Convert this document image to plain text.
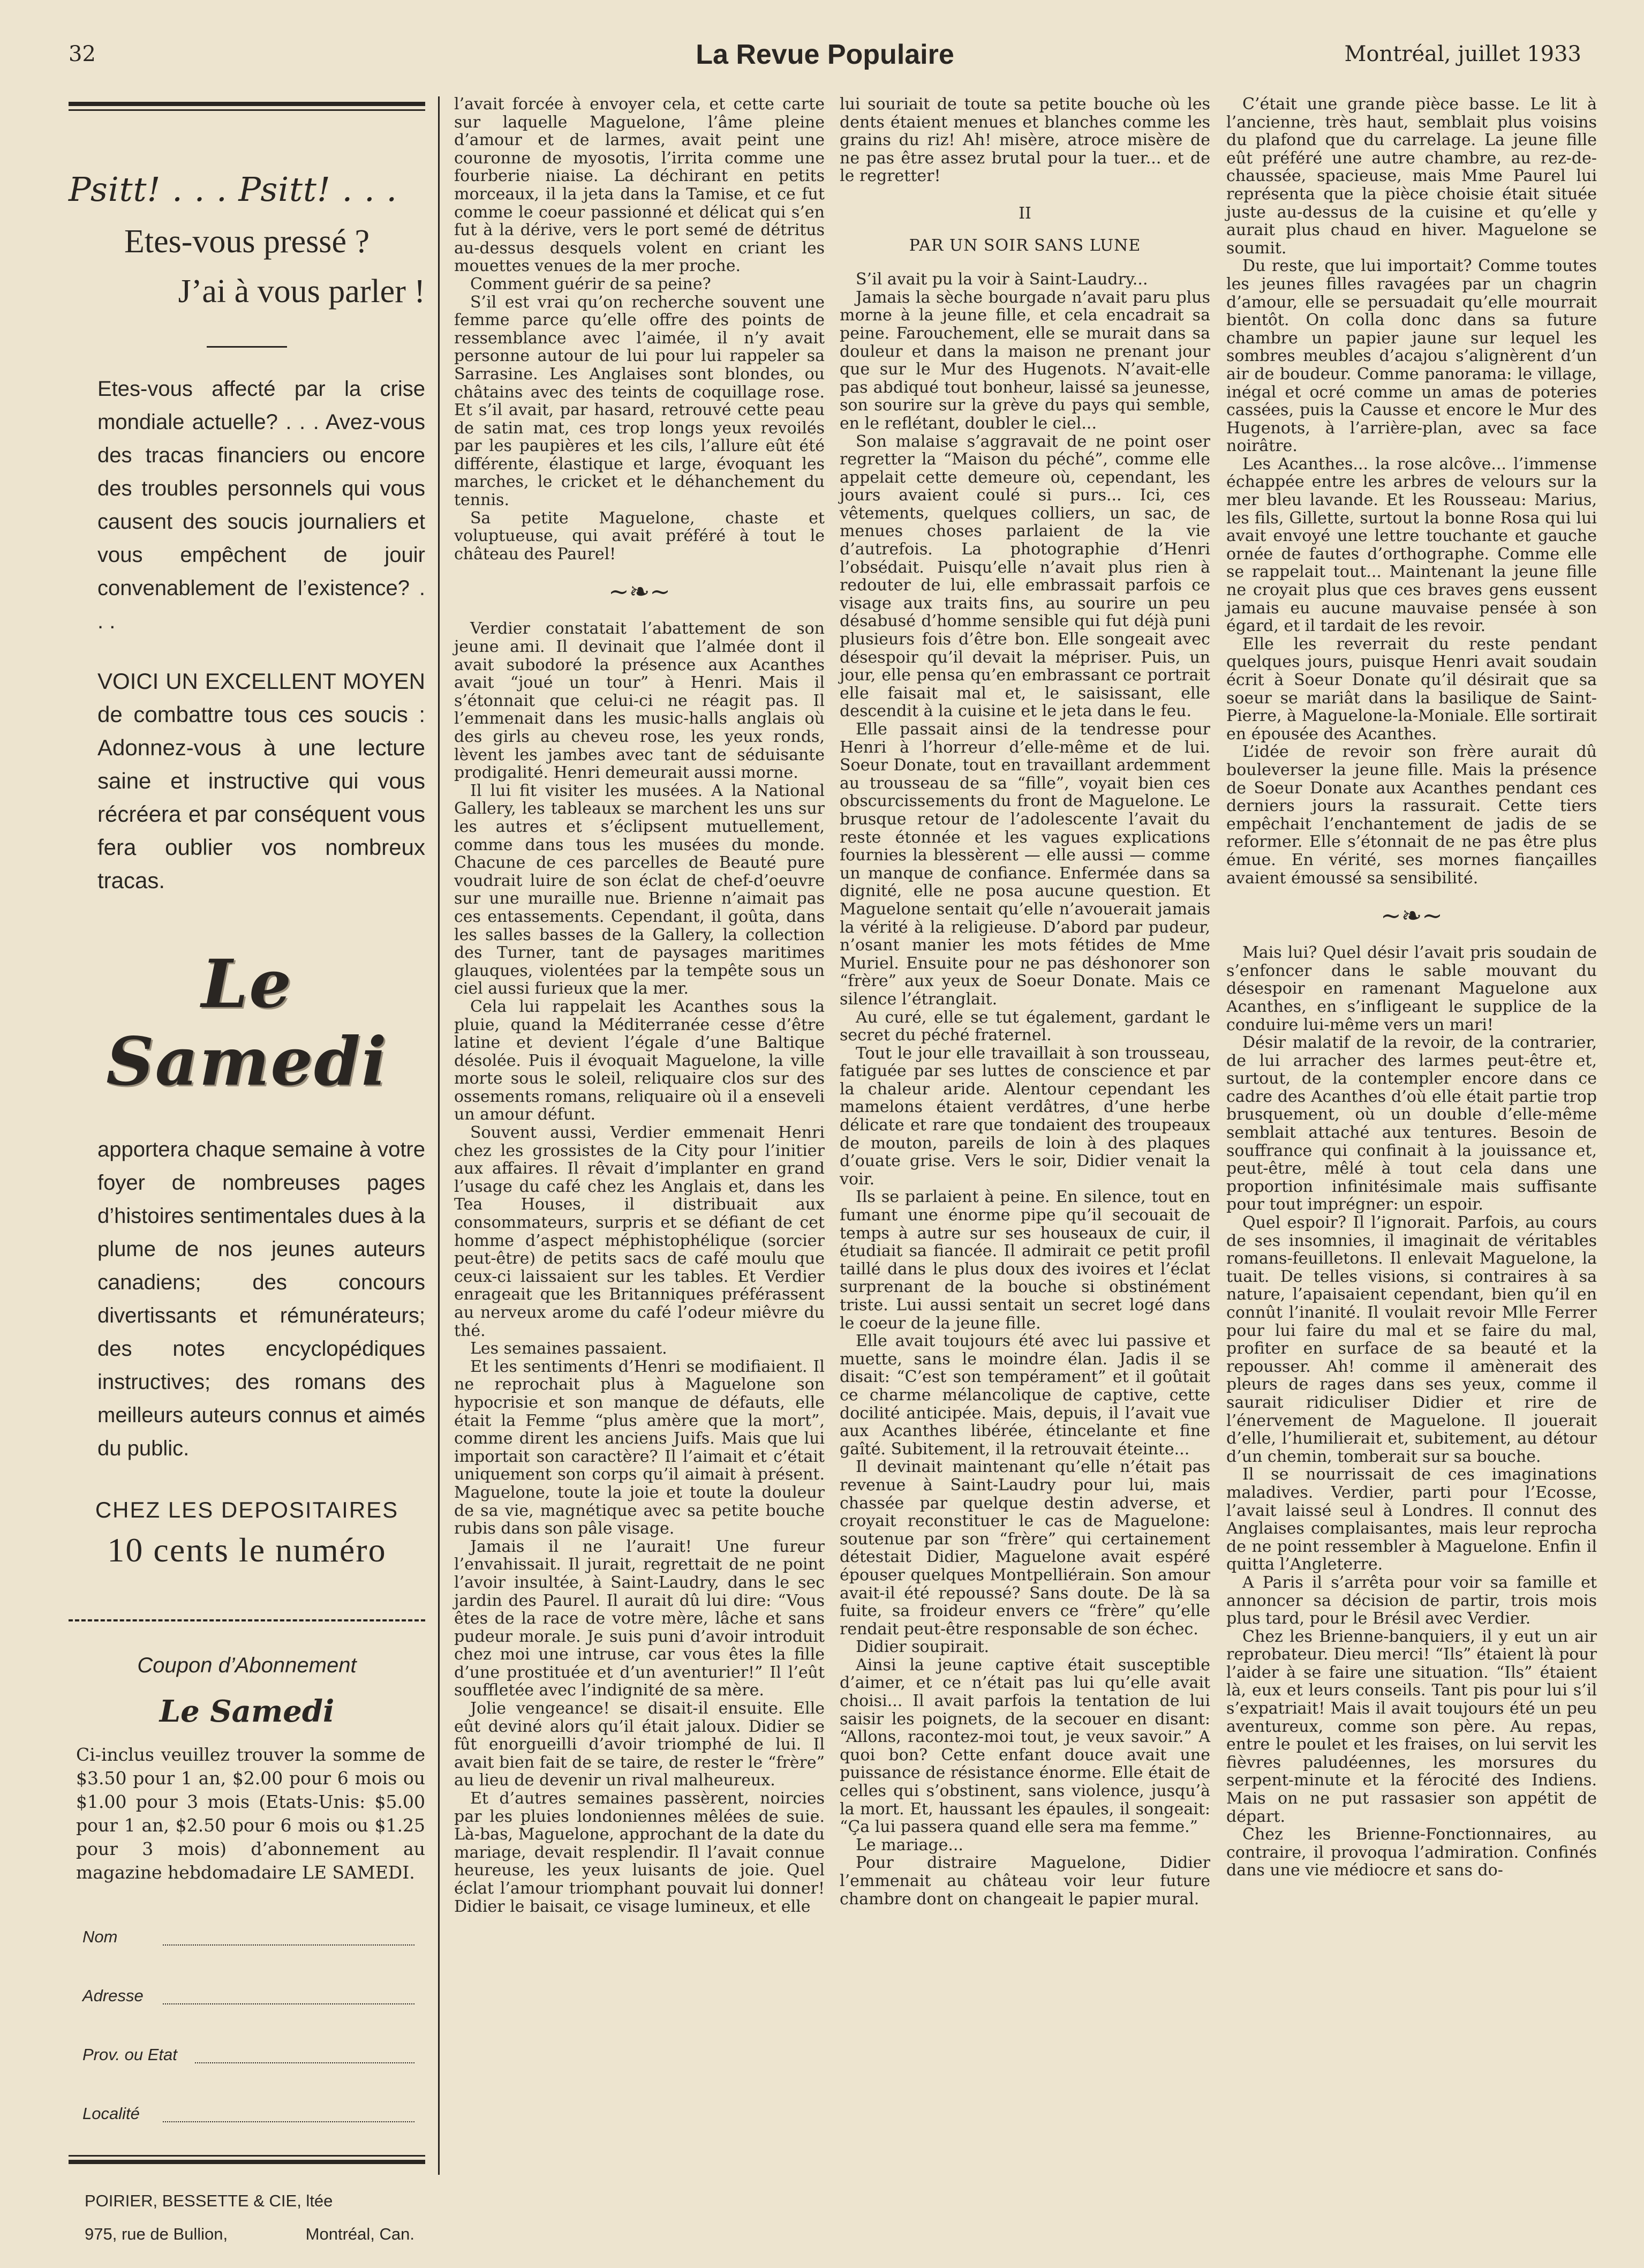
32	La Revue Populaire	Montréal, juillet 1933
Psitt! . . . Psitt! . . .
Etes-vous pressé ?
J’ai à vous parler !
Etes-vous affecté par la crise mondiale actuelle? . . . Avez-vous des tracas financiers ou encore des troubles personnels qui vous causent des soucis journaliers et vous empêchent de jouir convenablement de l’existence? . . .
VOICI UN EXCELLENT MOYEN de combattre tous ces soucis : Adonnez-vous à une lecture saine et instructive qui vous récréera et par conséquent vous fera oublier vos nombreux tracas.
Le Samedi
apportera chaque semaine à votre foyer de nombreuses pages d’histoires sentimentales dues à la plume de nos jeunes auteurs canadiens; des concours divertissants et rémunérateurs; des notes encyclopédiques instructives; des romans des meilleurs auteurs connus et aimés du public.
CHEZ LES DEPOSITAIRES
10 cents le numéro
Coupon d’Abonnement
Le Samedi
Ci-inclus veuillez trouver la somme de $3.50 pour 1 an, $2.00 pour 6 mois ou $1.00 pour 3 mois (Etats-Unis: $5.00 pour 1 an, $2.50 pour 6 mois ou $1.25 pour 3 mois) d’abonnement au magazine hebdomadaire LE SAMEDI.
Nom
Adresse
Prov. ou Etat
Localité
POIRIER, BESSETTE & CIE, ltée
975, rue de Bullion,	Montréal, Can.

l’avait forcée à envoyer cela, et cette carte sur laquelle Maguelone, l’âme pleine d’amour et de larmes, avait peint une couronne de myosotis, l’irrita comme une fourberie niaise. La déchirant en petits morceaux, il la jeta dans la Tamise, et ce fut comme le coeur passionné et délicat qui s’en fut à la dérive, vers le port semé de détritus au-dessus desquels volent en criant les mouettes venues de la mer proche.

Comment guérir de sa peine?

S’il est vrai qu’on recherche souvent une femme parce qu’elle offre des points de ressemblance avec l’aimée, il n’y avait personne autour de lui pour lui rappeler sa Sarrasine. Les Anglaises sont blondes, ou châtains avec des teints de coquillage rose. Et s’il avait, par hasard, retrouvé cette peau de satin mat, ces trop longs yeux revoilés par les paupières et les cils, l’allure eût été différente, élastique et large, évoquant les marches, le cricket et le déhanchement du tennis.

Sa petite Maguelone, chaste et voluptueuse, qui avait préféré à tout le château des Paurel!

~❧~

Verdier constatait l’abattement de son jeune ami. Il devinait que l’almée dont il avait subodoré la présence aux Acanthes avait “joué un tour” à Henri. Mais il s’étonnait que celui-ci ne réagit pas. Il l’emmenait dans les music-halls anglais où des girls au cheveu rose, les yeux ronds, lèvent les jambes avec tant de séduisante prodigalité. Henri demeurait aussi morne.

Il lui fit visiter les musées. A la National Gallery, les tableaux se marchent les uns sur les autres et s’éclipsent mutuellement, comme dans tous les musées du monde. Chacune de ces parcelles de Beauté pure voudrait luire de son éclat de chef-d’oeuvre sur une muraille nue. Brienne n’aimait pas ces entassements. Cependant, il goûta, dans les salles basses de la Gallery, la collection des Turner, tant de paysages maritimes glauques, violentées par la tempête sous un ciel aussi furieux que la mer.

Cela lui rappelait les Acanthes sous la pluie, quand la Méditerranée cesse d’être latine et devient l’égale d’une Baltique désolée. Puis il évoquait Maguelone, la ville morte sous le soleil, reliquaire clos sur des ossements romans, reliquaire où il a enseveli un amour défunt.

Souvent aussi, Verdier emmenait Henri chez les grossistes de la City pour l’initier aux affaires. Il rêvait d’implanter en grand l’usage du café chez les Anglais et, dans les Tea Houses, il distribuait aux consommateurs, surpris et se défiant de cet homme d’aspect méphistophélique (sorcier peut-être) de petits sacs de café moulu que ceux-ci laissaient sur les tables. Et Verdier enrageait que les Britanniques préférassent au nerveux arome du café l’odeur miêvre du thé.

Les semaines passaient.

Et les sentiments d’Henri se modifiaient. Il ne reprochait plus à Maguelone son hypocrisie et son manque de défauts, elle était la Femme “plus amère que la mort”, comme dirent les anciens Juifs. Mais que lui importait son caractère? Il l’aimait et c’était uniquement son corps qu’il aimait à présent. Maguelone, toute la joie et toute la douleur de sa vie, magnétique avec sa petite bouche rubis dans son pâle visage.

Jamais il ne l’aurait! Une fureur l’envahissait. Il jurait, regrettait de ne point l’avoir insultée, à Saint-Laudry, dans le sec jardin des Paurel. Il aurait dû lui dire: “Vous êtes de la race de votre mère, lâche et sans pudeur morale. Je suis puni d’avoir introduit chez moi une intruse, car vous êtes la fille d’une prostituée et d’un aventurier!” Il l’eût souffletée avec l’indignité de sa mère.

Jolie vengeance! se disait-il ensuite. Elle eût deviné alors qu’il était jaloux. Didier se fût enorgueilli d’avoir triomphé de lui. Il avait bien fait de se taire, de rester le “frère” au lieu de devenir un rival malheureux.

Et d’autres semaines passèrent, noircies par les pluies londoniennes mêlées de suie. Là-bas, Maguelone, approchant de la date du mariage, devait resplendir. Il l’avait connue heureuse, les yeux luisants de joie. Quel éclat l’amour triomphant pouvait lui donner! Didier le baisait, ce visage lumineux, et elle

lui souriait de toute sa petite bouche où les dents étaient menues et blanches comme les grains du riz! Ah! misère, atroce misère de ne pas être assez brutal pour la tuer... et de le regretter!

II
PAR UN SOIR SANS LUNE

S’il avait pu la voir à Saint-Laudry...

Jamais la sèche bourgade n’avait paru plus morne à la jeune fille, et cela encadrait sa peine. Farouchement, elle se murait dans sa douleur et dans la maison ne prenant jour que sur le Mur des Hugenots. N’avait-elle pas abdiqué tout bonheur, laissé sa jeunesse, son sourire sur la grève du pays qui semble, en le reflétant, doubler le ciel...

Son malaise s’aggravait de ne point oser regretter la “Maison du péché”, comme elle appelait cette demeure où, cependant, les jours avaient coulé si purs... Ici, ces vêtements, quelques colliers, un sac, de menues choses parlaient de la vie d’autrefois. La photographie d’Henri l’obsédait. Puisqu’elle n’avait plus rien à redouter de lui, elle embrassait parfois ce visage aux traits fins, au sourire un peu désabusé d’homme sensible qui fut déjà puni plusieurs fois d’être bon. Elle songeait avec désespoir qu’il devait la mépriser. Puis, un jour, elle pensa qu’en embrassant ce portrait elle faisait mal et, le saisissant, elle descendit à la cuisine et le jeta dans le feu.

Elle passait ainsi de la tendresse pour Henri à l’horreur d’elle-même et de lui. Soeur Donate, tout en travaillant ardemment au trousseau de sa “fille”, voyait bien ces obscurcissements du front de Maguelone. Le brusque retour de l’adolescente l’avait du reste étonnée et les vagues explications fournies la blessèrent — elle aussi — comme un manque de confiance. Enfermée dans sa dignité, elle ne posa aucune question. Et Maguelone sentait qu’elle n’avouerait jamais la vérité à la religieuse. D’abord par pudeur, n’osant manier les mots fétides de Mme Muriel. Ensuite pour ne pas déshonorer son “frère” aux yeux de Soeur Donate. Mais ce silence l’étranglait.

Au curé, elle se tut également, gardant le secret du péché fraternel.

Tout le jour elle travaillait à son trousseau, fatiguée par ses luttes de conscience et par la chaleur aride. Alentour cependant les mamelons étaient verdâtres, d’une herbe délicate et rare que tondaient des troupeaux de mouton, pareils de loin à des plaques d’ouate grise. Vers le soir, Didier venait la voir.

Ils se parlaient à peine. En silence, tout en fumant une énorme pipe qu’il secouait de temps à autre sur ses houseaux de cuir, il étudiait sa fiancée. Il admirait ce petit profil taillé dans le plus doux des ivoires et l’éclat surprenant de la bouche si obstinément triste. Lui aussi sentait un secret logé dans le coeur de la jeune fille.

Elle avait toujours été avec lui passive et muette, sans le moindre élan. Jadis il se disait: “C’est son tempérament” et il goûtait ce charme mélancolique de captive, cette docilité anticipée. Mais, depuis, il l’avait vue aux Acanthes libérée, étincelante et fine gaîté. Subitement, il la retrouvait éteinte...

Il devinait maintenant qu’elle n’était pas revenue à Saint-Laudry pour lui, mais chassée par quelque destin adverse, et croyait reconstituer le cas de Maguelone: soutenue par son “frère” qui certainement détestait Didier, Maguelone avait espéré épouser quelques Montpelliérain. Son amour avait-il été repoussé? Sans doute. De là sa fuite, sa froideur envers ce “frère” qu’elle rendait peut-être responsable de son échec.

Didier soupirait.

Ainsi la jeune captive était susceptible d’aimer, et ce n’était pas lui qu’elle avait choisi... Il avait parfois la tentation de lui saisir les poignets, de la secouer en disant: “Allons, racontez-moi tout, je veux savoir.” A quoi bon? Cette enfant douce avait une puissance de résistance énorme. Elle était de celles qui s’obstinent, sans violence, jusqu’à la mort. Et, haussant les épaules, il songeait: “Ça lui passera quand elle sera ma femme.”

Le mariage...

Pour distraire Maguelone, Didier l’emmenait au château voir leur future chambre dont on changeait le papier mural.

C’était une grande pièce basse. Le lit à l’ancienne, très haut, semblait plus voisins du plafond que du carrelage. La jeune fille eût préféré une autre chambre, au rez-de-chaussée, spacieuse, mais Mme Paurel lui représenta que la pièce choisie était située juste au-dessus de la cuisine et qu’elle y aurait plus chaud en hiver. Maguelone se soumit.

Du reste, que lui importait? Comme toutes les jeunes filles ravagées par un chagrin d’amour, elle se persuadait qu’elle mourrait bientôt. On colla donc dans sa future chambre un papier jaune sur lequel les sombres meubles d’acajou s’alignèrent d’un air de boudeur. Comme panorama: le village, inégal et ocré comme un amas de poteries cassées, puis la Causse et encore le Mur des Hugenots, à l’arrière-plan, avec sa face noirâtre.

Les Acanthes... la rose alcôve... l’immense échappée entre les arbres de velours sur la mer bleu lavande. Et les Rousseau: Marius, les fils, Gillette, surtout la bonne Rosa qui lui avait envoyé une lettre touchante et gauche ornée de fautes d’orthographe. Comme elle se rappelait tout... Maintenant la jeune fille ne croyait plus que ces braves gens eussent jamais eu aucune mauvaise pensée à son égard, et il tardait de les revoir.

Elle les reverrait du reste pendant quelques jours, puisque Henri avait soudain écrit à Soeur Donate qu’il désirait que sa soeur se mariât dans la basilique de Saint-Pierre, à Maguelone-la-Moniale. Elle sortirait en épousée des Acanthes.

L’idée de revoir son frère aurait dû bouleverser la jeune fille. Mais la présence de Soeur Donate aux Acanthes pendant ces derniers jours la rassurait. Cette tiers empêchait l’enchantement de jadis de se reformer. Elle s’étonnait de ne pas être plus émue. En vérité, ses mornes fiançailles avaient émoussé sa sensibilité.

~❧~

Mais lui? Quel désir l’avait pris soudain de s’enfoncer dans le sable mouvant du désespoir en ramenant Maguelone aux Acanthes, en s’infligeant le supplice de la conduire lui-même vers un mari!

Désir malatif de la revoir, de la contrarier, de lui arracher des larmes peut-être et, surtout, de la contempler encore dans ce cadre des Acanthes d’où elle était partie trop brusquement, où un double d’elle-même semblait attaché aux tentures. Besoin de souffrance qui confinait à la jouissance et, peut-être, mêlé à tout cela dans une proportion infinitésimale mais suffisante pour tout imprégner: un espoir.

Quel espoir? Il l’ignorait. Parfois, au cours de ses insomnies, il imaginait de véritables romans-feuilletons. Il enlevait Maguelone, la tuait. De telles visions, si contraires à sa nature, l’apaisaient cependant, bien qu’il en connût l’inanité. Il voulait revoir Mlle Ferrer pour lui faire du mal et se faire du mal, profiter en surface de sa beauté et la repousser. Ah! comme il amènerait des pleurs de rages dans ses yeux, comme il saurait ridiculiser Didier et rire de l’énervement de Maguelone. Il jouerait d’elle, l’humilierait et, subitement, au détour d’un chemin, tomberait sur sa bouche.

Il se nourrissait de ces imaginations maladives. Verdier, parti pour l’Ecosse, l’avait laissé seul à Londres. Il connut des Anglaises complaisantes, mais leur reprocha de ne point ressembler à Maguelone. Enfin il quitta l’Angleterre.

A Paris il s’arrêta pour voir sa famille et annoncer sa décision de partir, trois mois plus tard, pour le Brésil avec Verdier.

Chez les Brienne-banquiers, il y eut un air reprobateur. Dieu merci! “Ils” étaient là pour l’aider à se faire une situation. “Ils” étaient là, eux et leurs conseils. Tant pis pour lui s’il s’expatriait! Mais il avait toujours été un peu aventureux, comme son père. Au repas, entre le poulet et les fraises, on lui servit les fièvres paludéennes, les morsures du serpent-minute et la férocité des Indiens. Mais on ne put rassasier son appétit de départ.

Chez les Brienne-Fonctionnaires, au contraire, il provoqua l’admiration. Confinés dans une vie médiocre et sans do-
